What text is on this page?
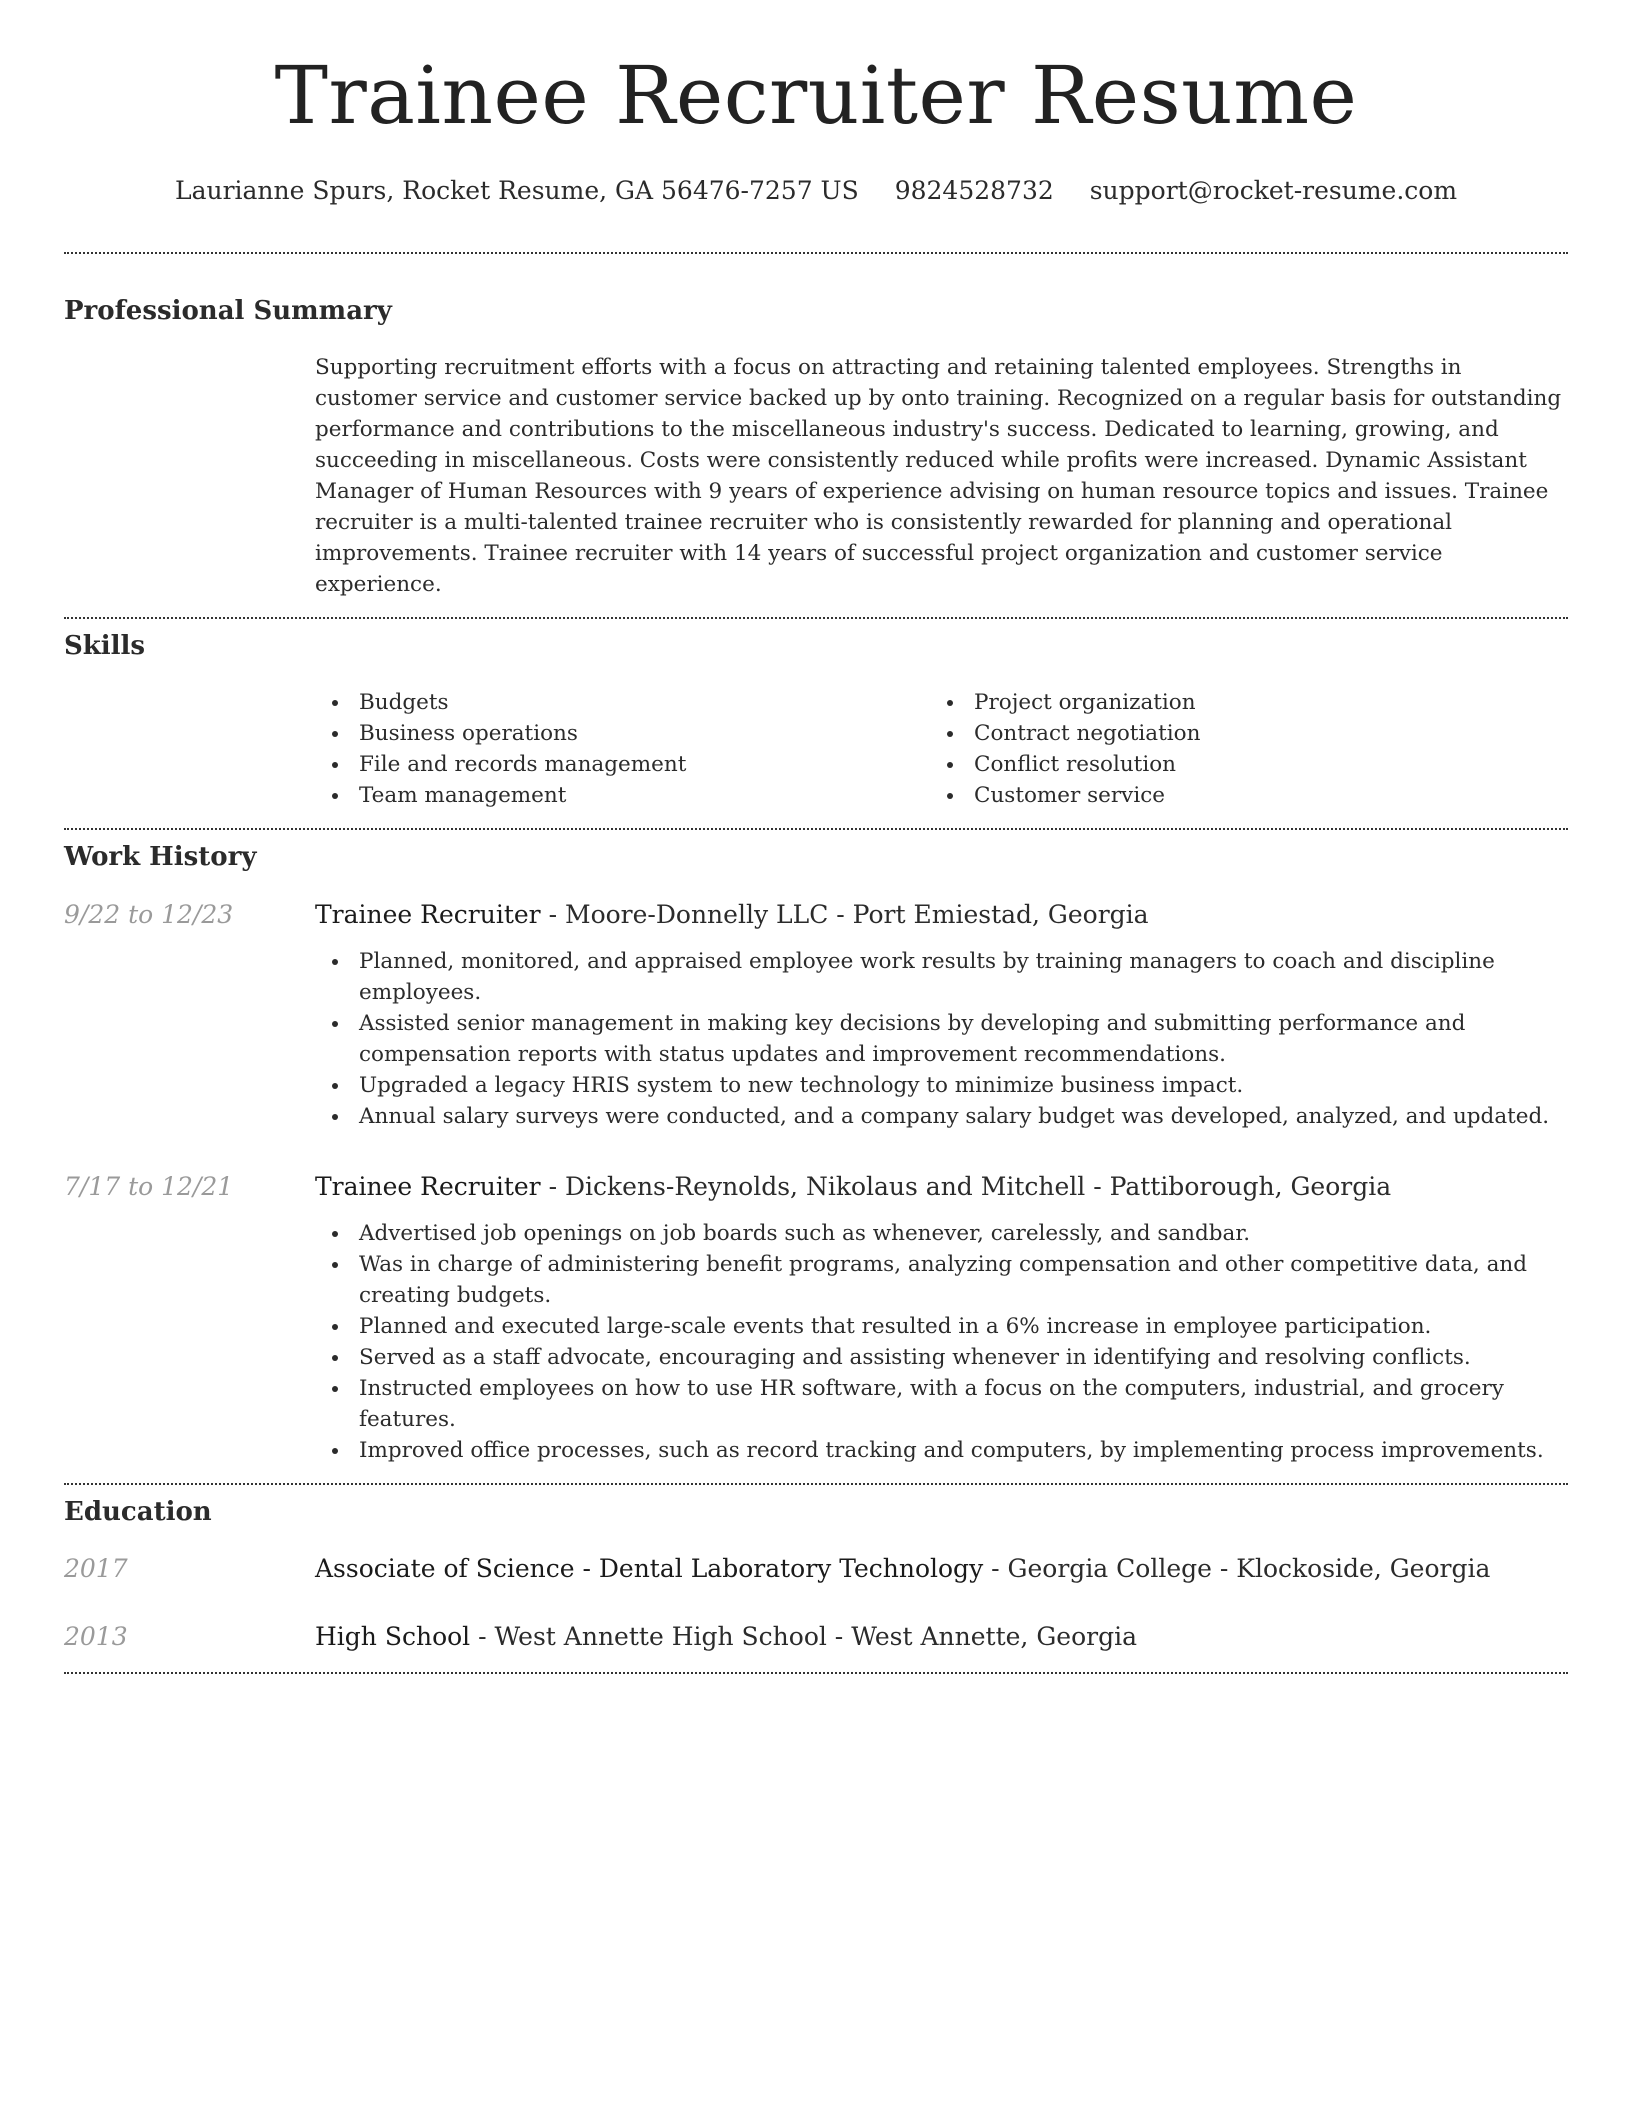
Trainee Recruiter Resume
Laurianne Spurs, Rocket Resume, GA 56476-7257 US 9824528732 support@rocket-resume.com
Professional Summary

Supporting recruitment efforts with a focus on attracting and retaining talented employees. Strengths in customer service and customer service backed up by onto training. Recognized on a regular basis for outstanding performance and contributions to the miscellaneous industry's success. Dedicated to learning, growing, and succeeding in miscellaneous. Costs were consistently reduced while profits were increased. Dynamic Assistant Manager of Human Resources with 9 years of experience advising on human resource topics and issues. Trainee recruiter is a multi-talented trainee recruiter who is consistently rewarded for planning and operational improvements. Trainee recruiter with 14 years of successful project organization and customer service experience.

Skills
Budgets
Business operations
File and records management
Team management
Project organization
Contract negotiation
Conflict resolution
Customer service
Work History
9/22 to 12/23	Trainee Recruiter - Moore-Donnelly LLC - Port Emiestad, Georgia
Planned, monitored, and appraised employee work results by training managers to coach and discipline employees.
Assisted senior management in making key decisions by developing and submitting performance and compensation reports with status updates and improvement recommendations.
Upgraded a legacy HRIS system to new technology to minimize business impact.
Annual salary surveys were conducted, and a company salary budget was developed, analyzed, and updated.
7/17 to 12/21	Trainee Recruiter - Dickens-Reynolds, Nikolaus and Mitchell - Pattiborough, Georgia
Advertised job openings on job boards such as whenever, carelessly, and sandbar.
Was in charge of administering benefit programs, analyzing compensation and other competitive data, and creating budgets.
Planned and executed large-scale events that resulted in a 6% increase in employee participation.
Served as a staff advocate, encouraging and assisting whenever in identifying and resolving conflicts.
Instructed employees on how to use HR software, with a focus on the computers, industrial, and grocery features.
Improved office processes, such as record tracking and computers, by implementing process improvements.
Education
2017	Associate of Science - Dental Laboratory Technology - Georgia College - Klockoside, Georgia
2013	High School - West Annette High School - West Annette, Georgia
